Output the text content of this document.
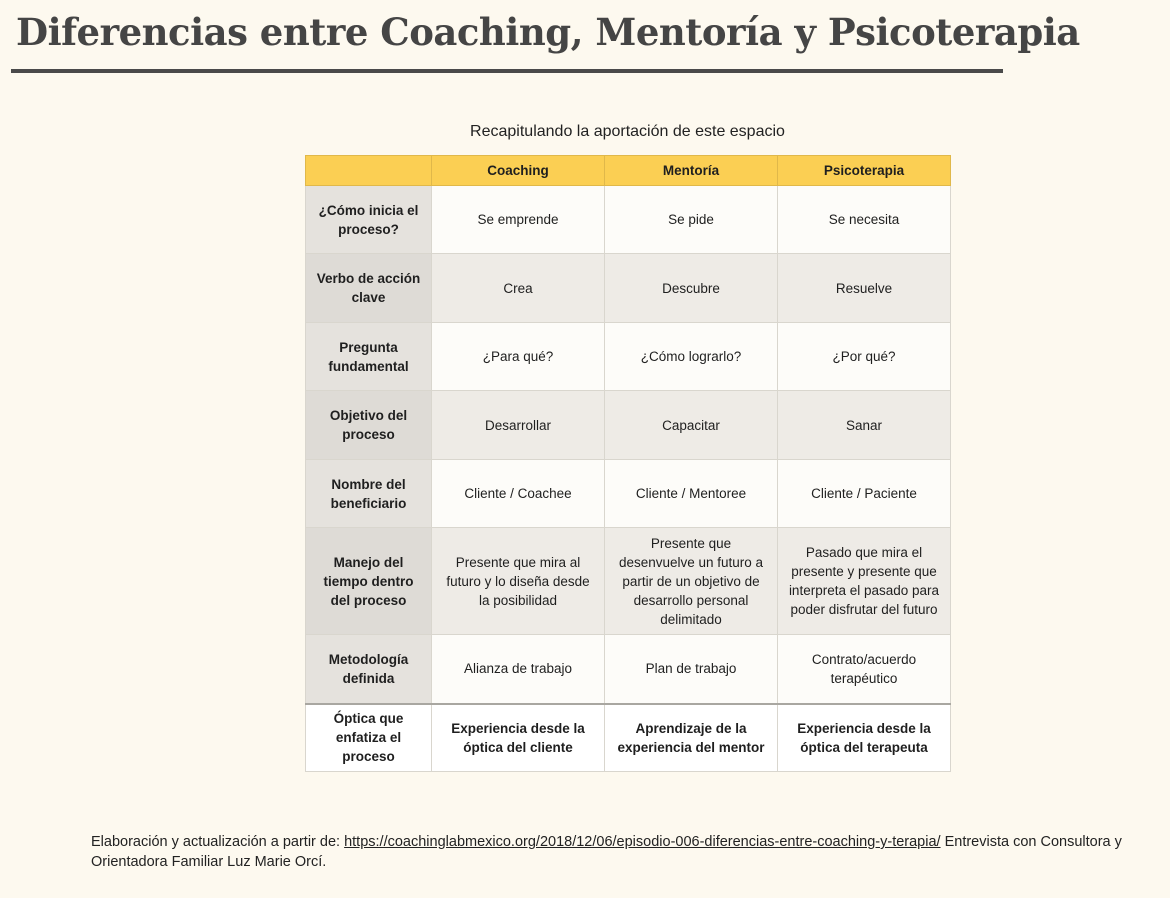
Diferencias entre Coaching, Mentoría y Psicoterapia
Recapitulando la aportación de este espacio
	Coaching	Mentoría	Psicoterapia
¿Cómo inicia el proceso?	Se emprende	Se pide	Se necesita
Verbo de acción clave	Crea	Descubre	Resuelve
Pregunta fundamental	¿Para qué?	¿Cómo lograrlo?	¿Por qué?
Objetivo del proceso	Desarrollar	Capacitar	Sanar
Nombre del beneficiario	Cliente / Coachee	Cliente / Mentoree	Cliente / Paciente
Manejo del tiempo dentro del proceso	Presente que mira al futuro y lo diseña desde la posibilidad	Presente que desenvuelve un futuro a partir de un objetivo de desarrollo personal delimitado	Pasado que mira el presente y presente que interpreta el pasado para poder disfrutar del futuro
Metodología definida	Alianza de trabajo	Plan de trabajo	Contrato/acuerdo terapéutico
Óptica que enfatiza el proceso	Experiencia desde la óptica del cliente	Aprendizaje de la experiencia del mentor	Experiencia desde la óptica del terapeuta
Elaboración y actualización a partir de: https://coachinglabmexico.org/2018/12/06/episodio-006-diferencias-entre-coaching-y-terapia/ Entrevista con Consultora y Orientadora Familiar Luz Marie Orcí.
